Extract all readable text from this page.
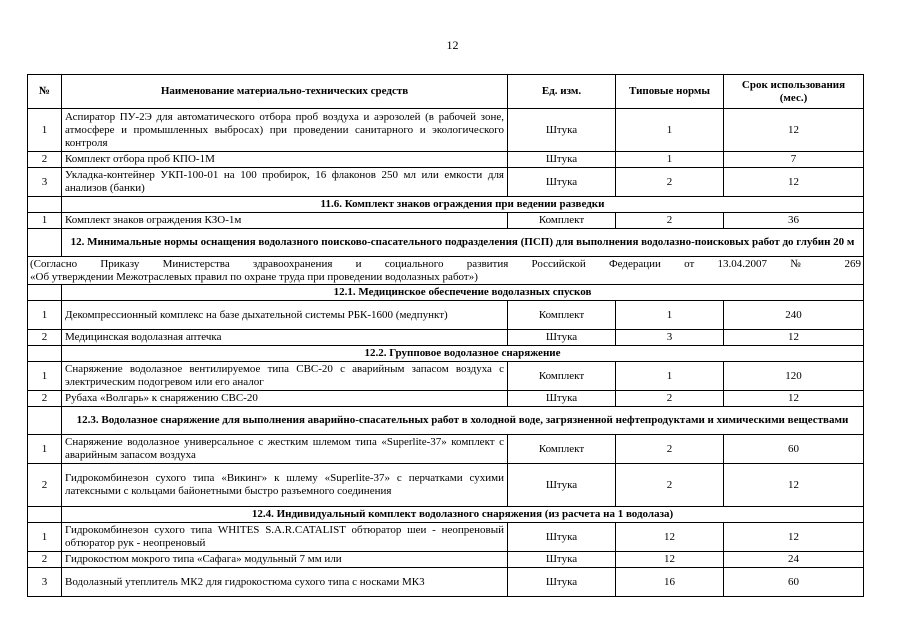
12
№	Наименование материально-технических средств	Ед. изм.	Типовые нормы	Срок использования (мес.)
1	Аспиратор ПУ-2Э для автоматического отбора проб воздуха и аэрозолей (в рабочей зоне, атмосфере и промышленных выбросах) при проведении санитарного и экологического контроля	Штука	1	12
2	Комплект отбора проб КПО-1М	Штука	1	7
3	Укладка-контейнер УКП-100-01 на 100 пробирок, 16 флаконов 250 мл или емкости для анализов (банки)	Штука	2	12
	11.6. Комплект знаков ограждения при ведении разведки			
1	Комплект знаков ограждения КЗО-1м	Комплект	2	36
	12. Минимальные нормы оснащения водолазного поисково-спасательного подразделения (ПСП) для выполнения водолазно-поисковых работ до глубин 20 м			
(Согласно Приказу Министерства здравоохранения и социального развития Российской Федерации от 13.04.2007 № 269
«Об утверждении Межотраслевых правил по охране труда при проведении водолазных работ»)				

	12.1. Медицинское обеспечение водолазных спусков			
1	Декомпрессионный комплекс на базе дыхательной системы РБК-1600 (медпункт)	Комплект	1	240
2	Медицинская водолазная аптечка	Штука	3	12
	12.2. Групповое водолазное снаряжение			
1	Снаряжение водолазное вентилируемое типа СВС-20 с аварийным запасом воздуха с электрическим подогревом или его аналог	Комплект	1	120
2	Рубаха «Волгарь» к снаряжению СВС-20	Штука	2	12
	12.3. Водолазное снаряжение для выполнения аварийно-спасательных работ в холодной воде, загрязненной нефтепродуктами и химическими веществами			
1	Снаряжение водолазное универсальное с жестким шлемом типа «Superlite-37» комплект с аварийным запасом воздуха	Комплект	2	60
2	Гидрокомбинезон сухого типа «Викинг» к шлему «Superlite-37» с перчатками сухими латексными с кольцами байонетными быстро разъемного соединения	Штука	2	12
	12.4. Индивидуальный комплект водолазного снаряжения (из расчета на 1 водолаза)			
1	Гидрокомбинезон сухого типа WHITES S.A.R.CATALIST обтюратор шеи - неопреновый обтюратор рук - неопреновый	Штука	12	12
2	Гидрокостюм мокрого типа «Сафага» модульный 7 мм или	Штука	12	24
3	Водолазный утеплитель МК2 для гидрокостюма сухого типа с носками МК3	Штука	16	60
